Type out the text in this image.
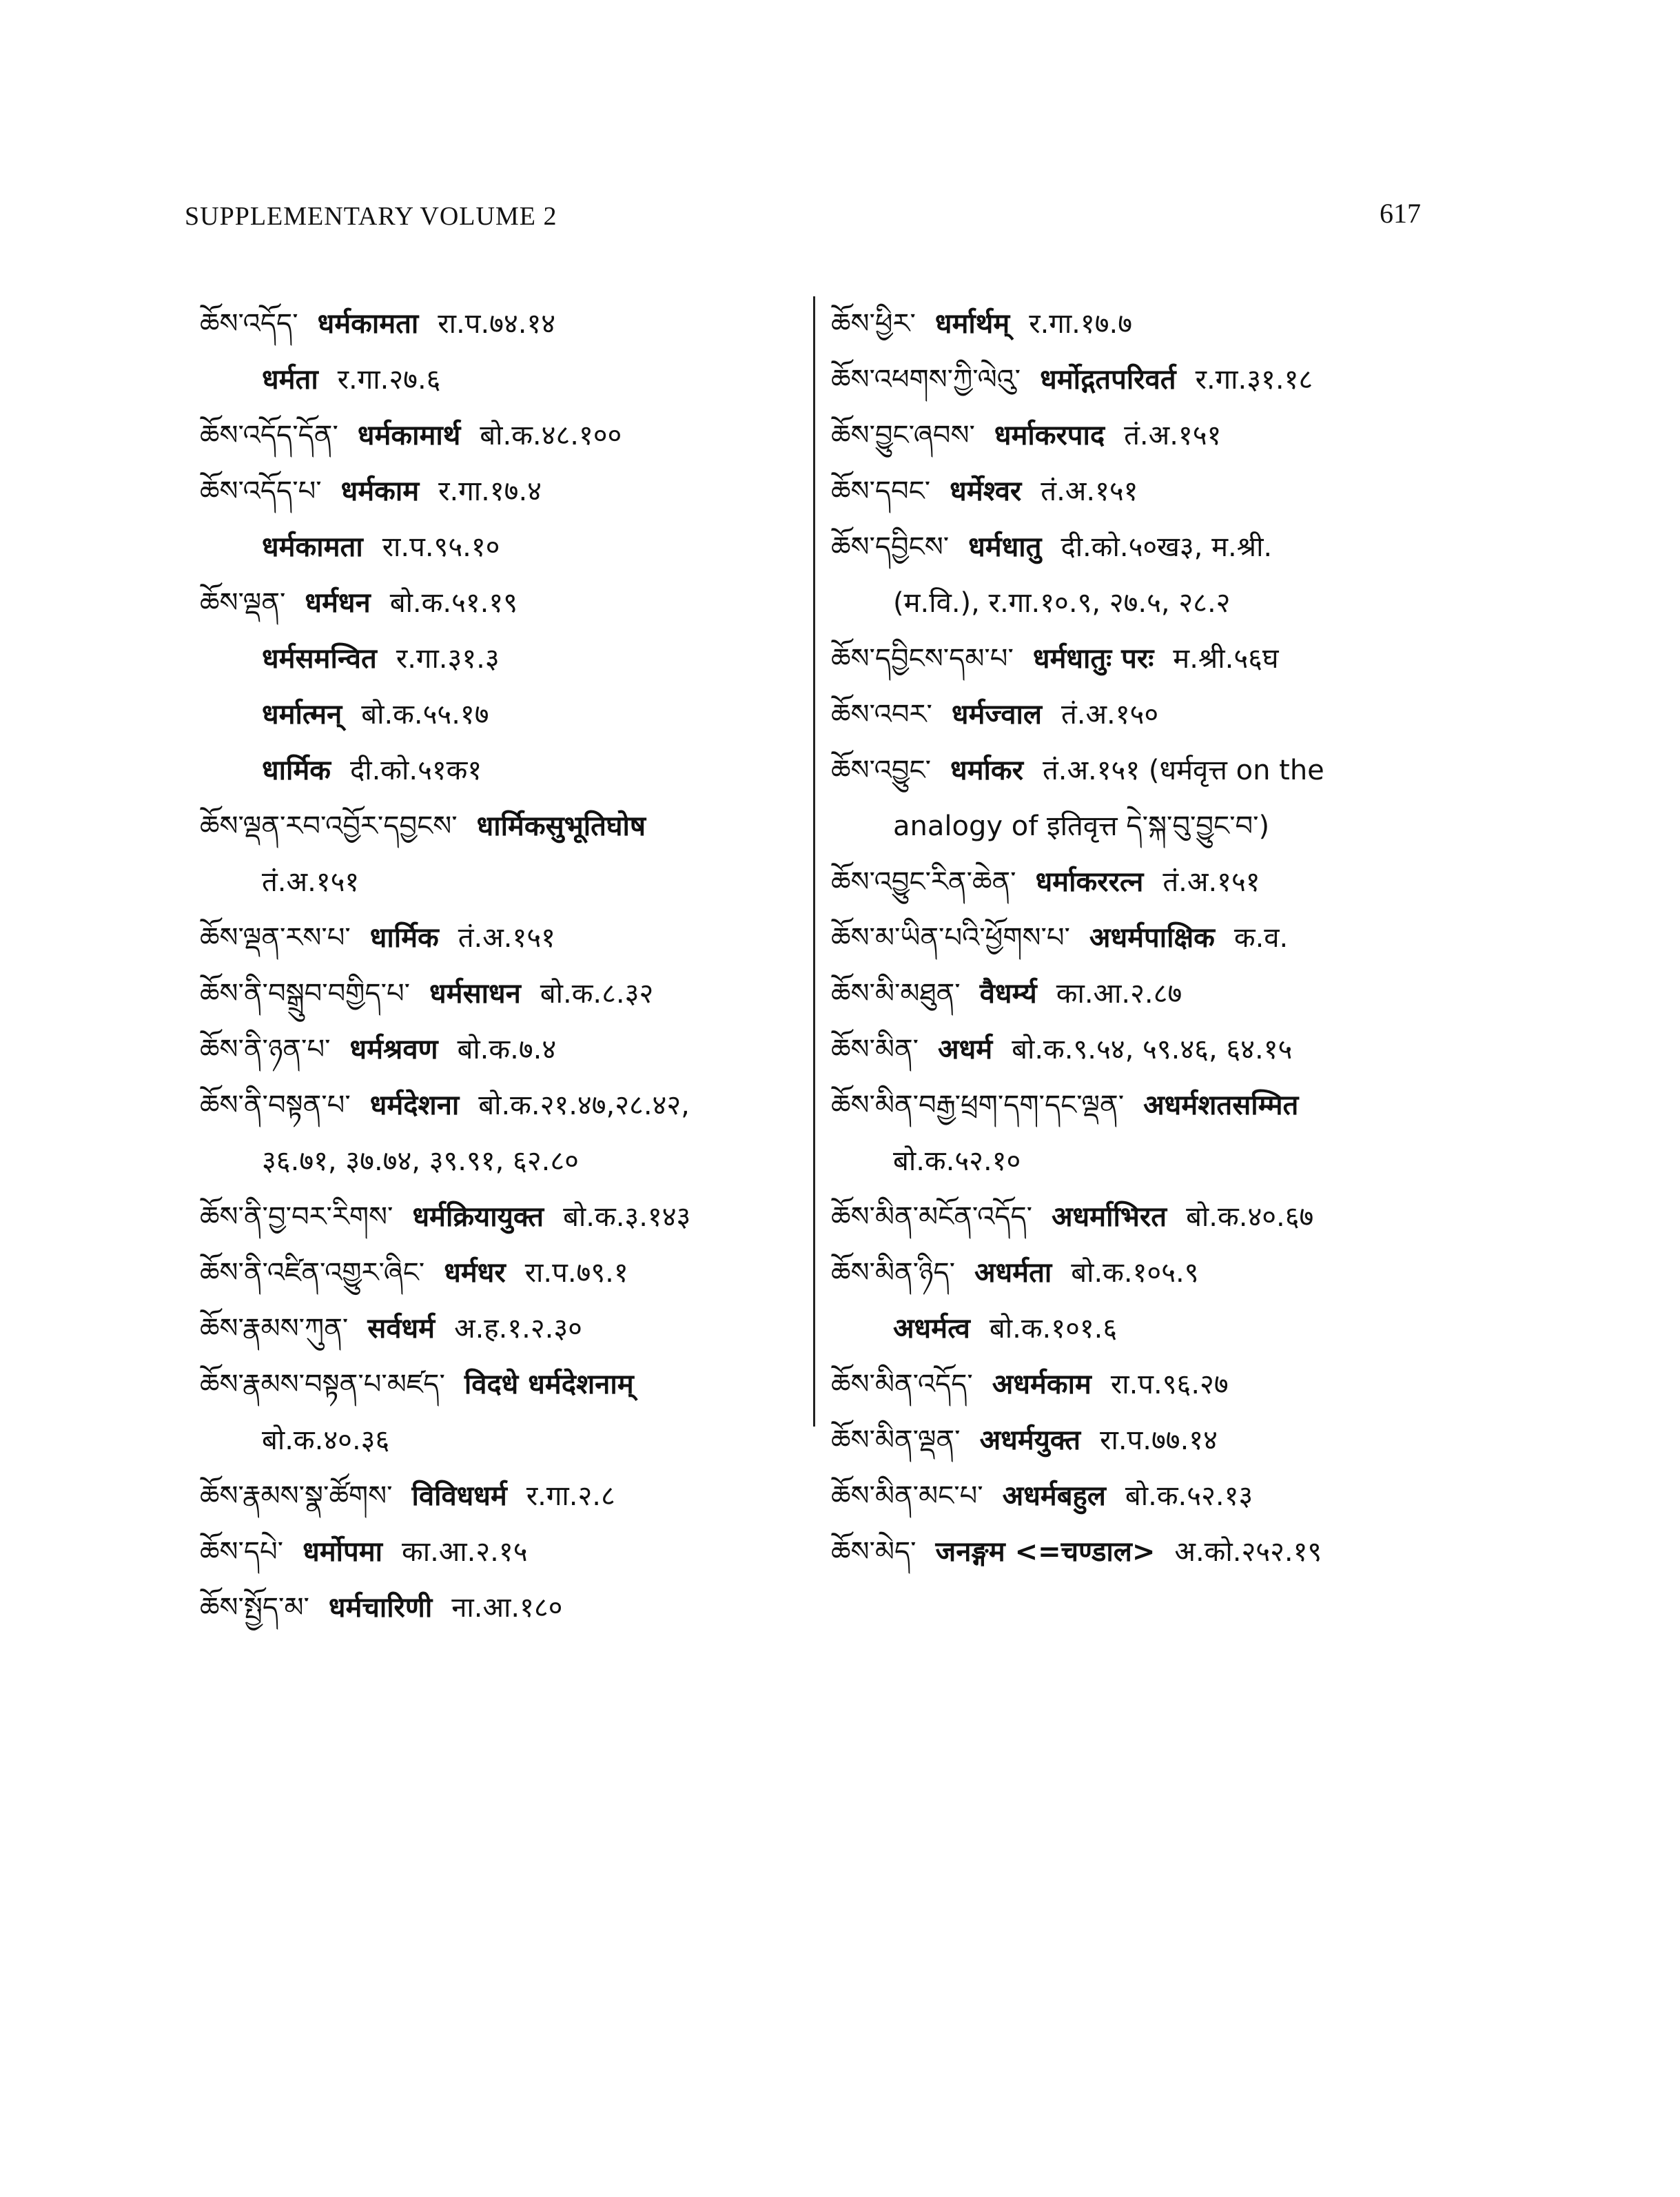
SUPPLEMENTARY VOLUME 2	617
ཆོས་འདོད་ धर्मकामता रा.प.७४.१४
धर्मता र.गा.२७.६
ཆོས་འདོད་དོན་ धर्मकामार्थ बो.क.४८.१००
ཆོས་འདོད་པ་ धर्मकाम र.गा.१७.४
धर्मकामता रा.प.९५.१०
ཆོས་ལྡན་ धर्मधन बो.क.५१.१९
धर्मसमन्वित र.गा.३१.३
धर्मात्मन् बो.क.५५.१७
धार्मिक दी.को.५१क१
ཆོས་ལྡན་རབ་འབྱོར་དབྱངས་ धार्मिकसुभूतिघोष
तं.अ.१५१
ཆོས་ལྡན་རས་པ་ धार्मिक तं.अ.१५१
ཆོས་ནི་བསྒྲུབ་བགྱིད་པ་ धर्मसाधन बो.क.८.३२
ཆོས་ནི་ཉན་པ་ धर्मश्रवण बो.क.७.४
ཆོས་ནི་བསྟན་པ་ धर्मदेशना बो.क.२१.४७,२८.४२,
३६.७१, ३७.७४, ३९.९१, ६२.८०
ཆོས་ནི་བྱ་བར་རིགས་ धर्मक्रियायुक्त बो.क.३.१४३
ཆོས་ནི་འཛིན་འགྱུར་ཞིང་ धर्मधर रा.प.७९.१
ཆོས་རྣམས་ཀུན་ सर्वधर्म अ.ह.१.२.३०
ཆོས་རྣམས་བསྟན་པ་མཛད་ विदधे धर्मदेशनाम्
बो.क.४०.३६
ཆོས་རྣམས་སྣ་ཚོགས་ विविधधर्म र.गा.२.८
ཆོས་དཔེ་ धर्मोपमा का.आ.२.१५
ཆོས་སྤྱོད་མ་ धर्मचारिणी ना.आ.१८०
ཆོས་ཕྱིར་ धर्मार्थम् र.गा.१७.७
ཆོས་འཕགས་ཀྱི་ལེའུ་ धर्मोद्गतपरिवर्त र.गा.३१.१८
ཆོས་བྱུང་ཞབས་ धर्माकरपाद तं.अ.१५१
ཆོས་དབང་ धर्मेश्वर तं.अ.१५१
ཆོས་དབྱིངས་ धर्मधातु दी.को.५०ख३, म.श्री.
(म.वि.), र.गा.१०.९, २७.५, २८.२
ཆོས་དབྱིངས་དམ་པ་ धर्मधातुः परः म.श्री.५६घ
ཆོས་འབར་ धर्मज्वाल तं.अ.१५०
ཆོས་འབྱུང་ धर्माकर तं.अ.१५१ (धर्मवृत्त on the
analogy of इतिवृत्त དེ་སྐ་བུ་བྱུང་བ་)
ཆོས་འབྱུང་རིན་ཆེན་ धर्माकररत्न तं.अ.१५१
ཆོས་མ་ཡིན་པའི་ཕྱོགས་པ་ अधर्मपाक्षिक क.व.
ཆོས་མི་མཐུན་ वैधर्म्य का.आ.२.८७
ཆོས་མིན་ अधर्म बो.क.९.५४, ५९.४६, ६४.१५
ཆོས་མིན་བརྒྱ་ཕྲག་དག་དང་ལྡན་ अधर्मशतसम्मित
बो.क.५२.१०
ཆོས་མིན་མངོན་འདོད་ अधर्माभिरत बो.क.४०.६७
ཆོས་མིན་ཉིད་ अधर्मता बो.क.१०५.९
अधर्मत्व बो.क.१०१.६
ཆོས་མིན་འདོད་ अधर्मकाम रा.प.९६.२७
ཆོས་མིན་ལྡན་ अधर्मयुक्त रा.प.७७.१४
ཆོས་མིན་མང་པ་ अधर्मबहुल बो.क.५२.१३
ཆོས་མེད་ जनङ्गम <=चण्डाल> अ.को.२५२.१९
